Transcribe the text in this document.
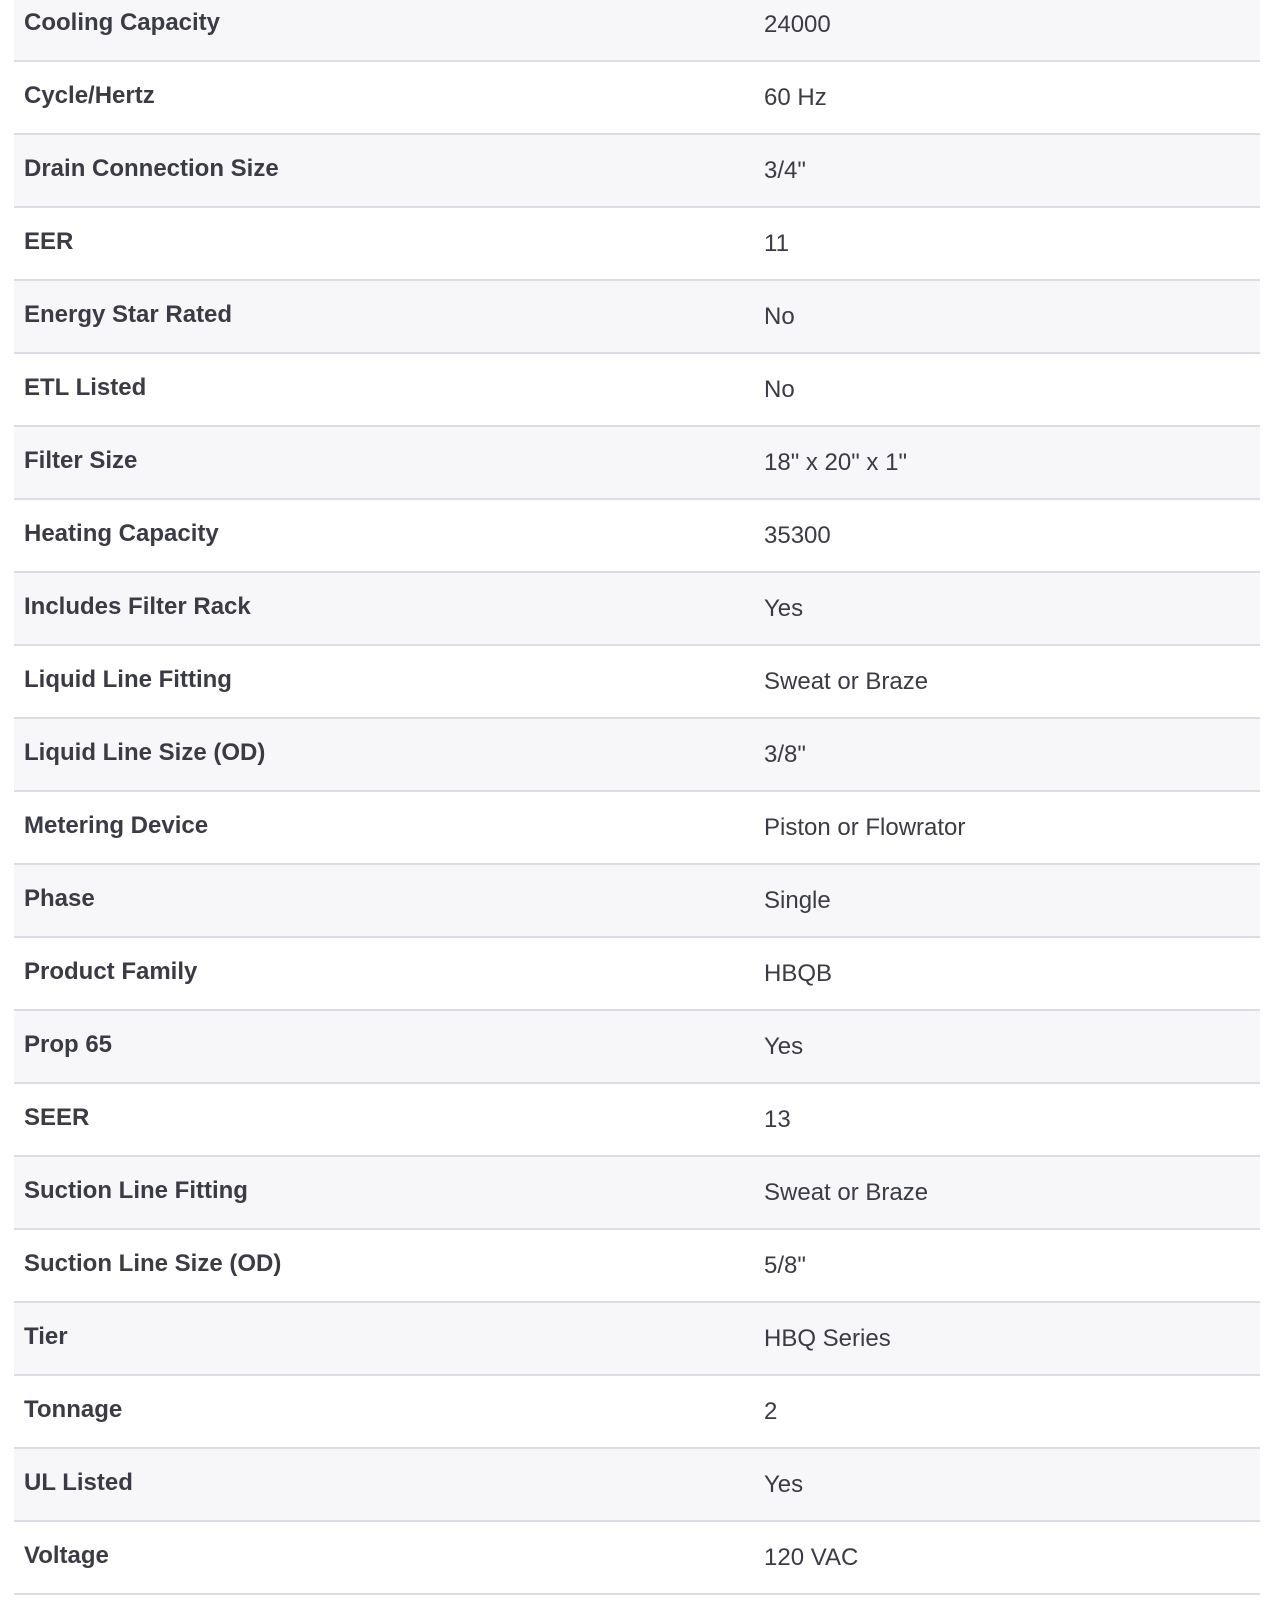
Cooling Capacity	24000
Cycle/Hertz	60 Hz
Drain Connection Size	3/4"
EER	11
Energy Star Rated	No
ETL Listed	No
Filter Size	18" x 20" x 1"
Heating Capacity	35300
Includes Filter Rack	Yes
Liquid Line Fitting	Sweat or Braze
Liquid Line Size (OD)	3/8"
Metering Device	Piston or Flowrator
Phase	Single
Product Family	HBQB
Prop 65	Yes
SEER	13
Suction Line Fitting	Sweat or Braze
Suction Line Size (OD)	5/8"
Tier	HBQ Series
Tonnage	2
UL Listed	Yes
Voltage	120 VAC
